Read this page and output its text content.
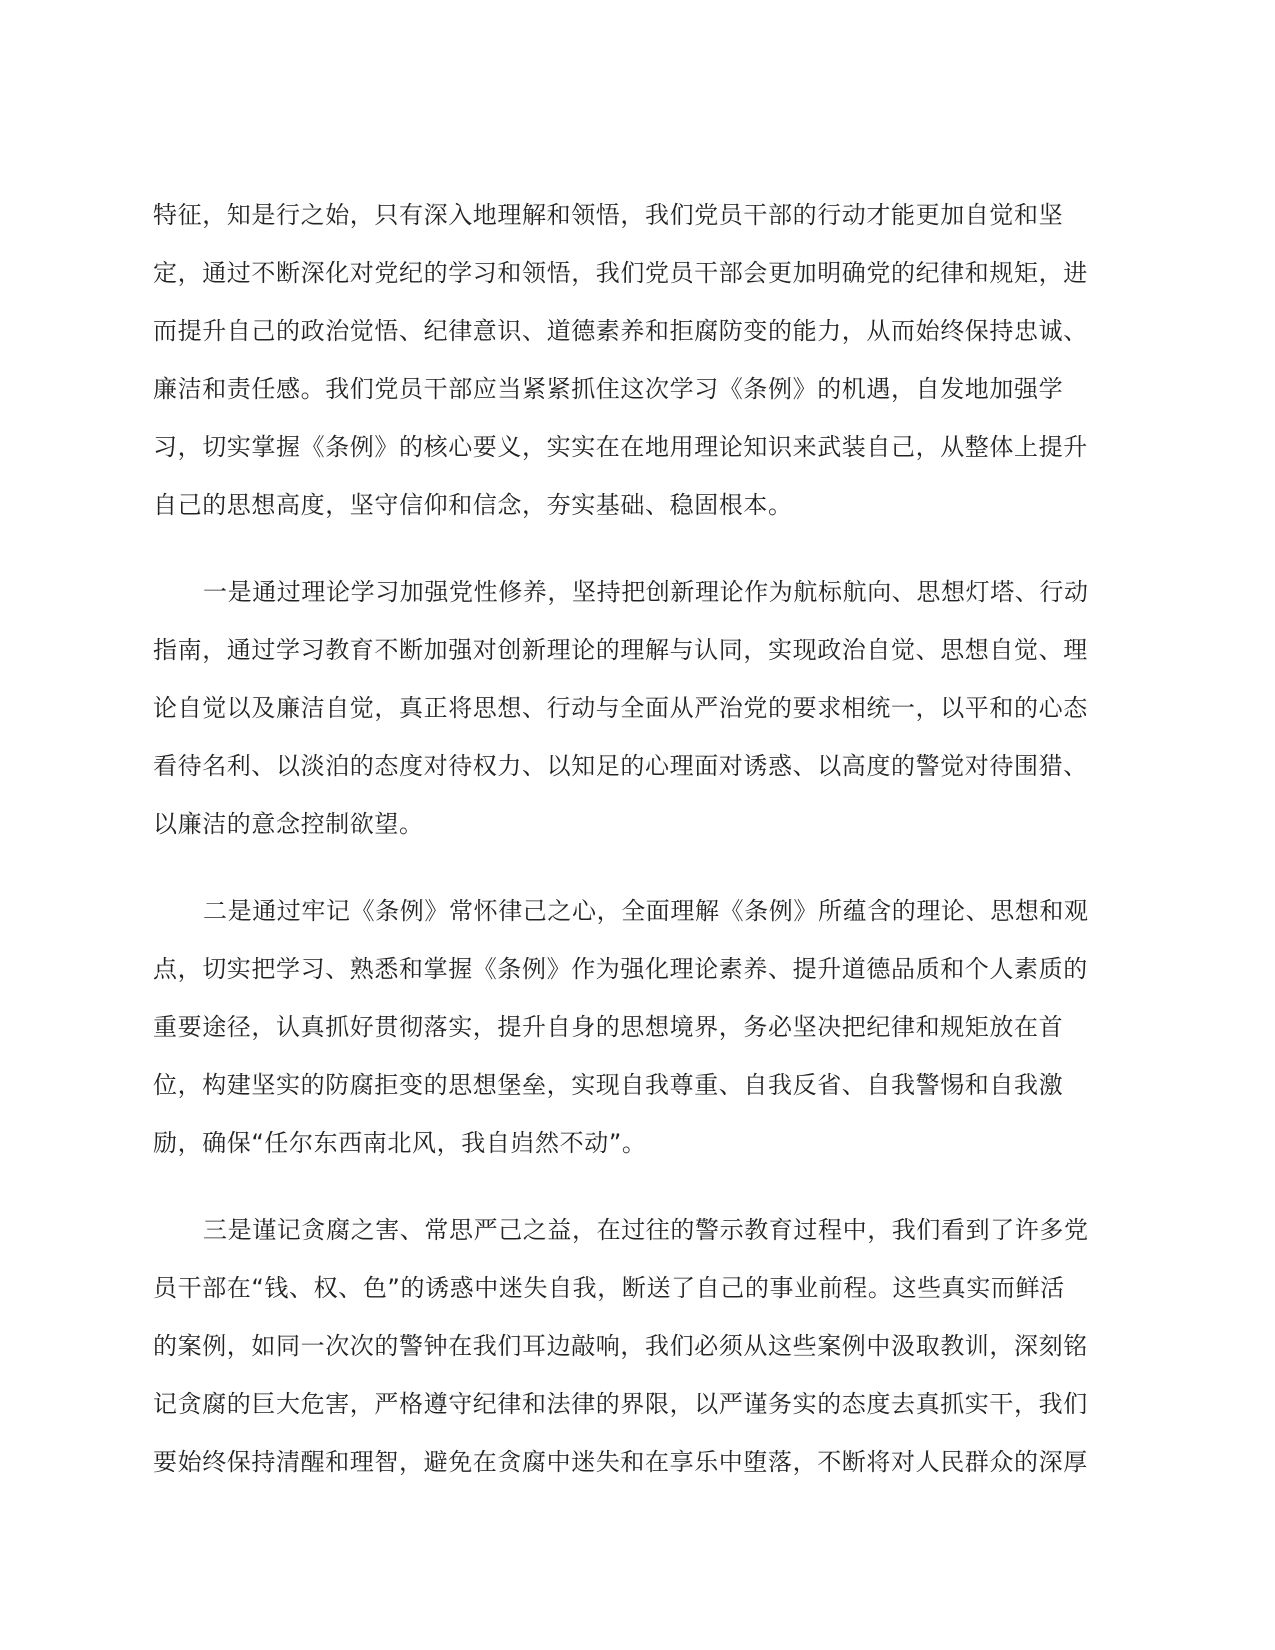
特征，知是行之始，只有深入地理解和领悟，我们党员干部的行动才能更加自觉和坚
定，通过不断深化对党纪的学习和领悟，我们党员干部会更加明确党的纪律和规矩，进
而提升自己的政治觉悟、纪律意识、道德素养和拒腐防变的能力，从而始终保持忠诚、
廉洁和责任感。我们党员干部应当紧紧抓住这次学习《条例》的机遇，自发地加强学
习，切实掌握《条例》的核心要义，实实在在地用理论知识来武装自己，从整体上提升
自己的思想高度，坚守信仰和信念，夯实基础、稳固根本。

一是通过理论学习加强党性修养，坚持把创新理论作为航标航向、思想灯塔、行动
指南，通过学习教育不断加强对创新理论的理解与认同，实现政治自觉、思想自觉、理
论自觉以及廉洁自觉，真正将思想、行动与全面从严治党的要求相统一，以平和的心态
看待名利、以淡泊的态度对待权力、以知足的心理面对诱惑、以高度的警觉对待围猎、
以廉洁的意念控制欲望。

二是通过牢记《条例》常怀律己之心，全面理解《条例》所蕴含的理论、思想和观
点，切实把学习、熟悉和掌握《条例》作为强化理论素养、提升道德品质和个人素质的
重要途径，认真抓好贯彻落实，提升自身的思想境界，务必坚决把纪律和规矩放在首
位，构建坚实的防腐拒变的思想堡垒，实现自我尊重、自我反省、自我警惕和自我激
励，确保“任尔东西南北风，我自岿然不动”。

三是谨记贪腐之害、常思严己之益，在过往的警示教育过程中，我们看到了许多党
员干部在“钱、权、色”的诱惑中迷失自我，断送了自己的事业前程。这些真实而鲜活
的案例，如同一次次的警钟在我们耳边敲响，我们必须从这些案例中汲取教训，深刻铭
记贪腐的巨大危害，严格遵守纪律和法律的界限，以严谨务实的态度去真抓实干，我们
要始终保持清醒和理智，避免在贪腐中迷失和在享乐中堕落，不断将对人民群众的深厚
